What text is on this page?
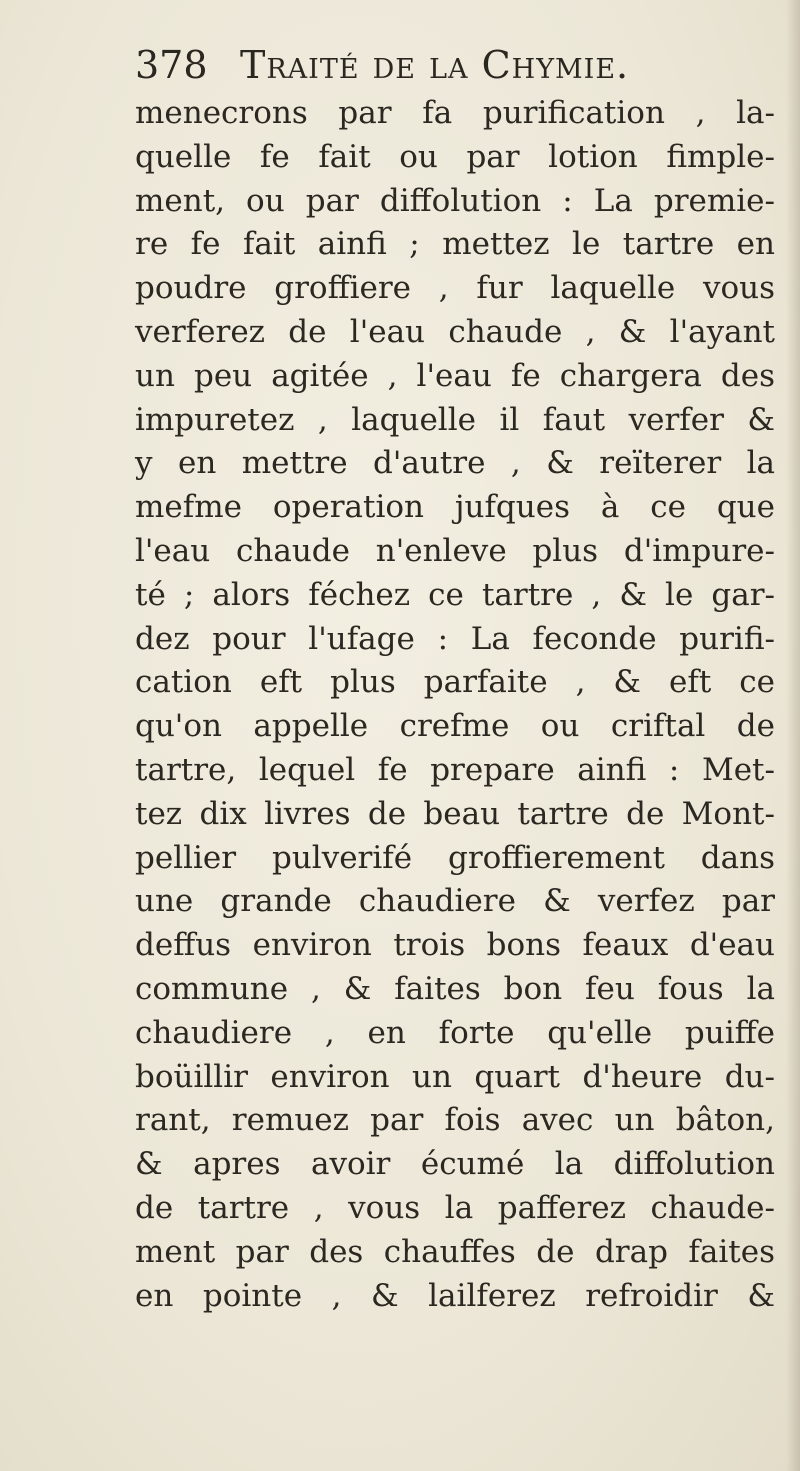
378 Traité de la Chymie.
menecrons par fa purification , la-
quelle fe fait ou par lotion fimple-
ment, ou par diffolution : La premie-
re fe fait ainfi ; mettez le tartre en
poudre groffiere , fur laquelle vous
verferez de l'eau chaude , & l'ayant
un peu agitée , l'eau fe chargera des
impuretez , laquelle il faut verfer &
y en mettre d'autre , & reïterer la
mefme operation jufques à ce que
l'eau chaude n'enleve plus d'impure-
té ; alors féchez ce tartre , & le gar-
dez pour l'ufage : La feconde purifi-
cation eft plus parfaite , & eft ce
qu'on appelle crefme ou criftal de
tartre, lequel fe prepare ainfi : Met-
tez dix livres de beau tartre de Mont-
pellier pulverifé groffierement dans
une grande chaudiere & verfez par
deffus environ trois bons feaux d'eau
commune , & faites bon feu fous la
chaudiere , en forte qu'elle puiffe
boüillir environ un quart d'heure du-
rant, remuez par fois avec un bâton,
& apres avoir écumé la diffolution
de tartre , vous la pafferez chaude-
ment par des chauffes de drap faites
en pointe , & lailferez refroidir &
